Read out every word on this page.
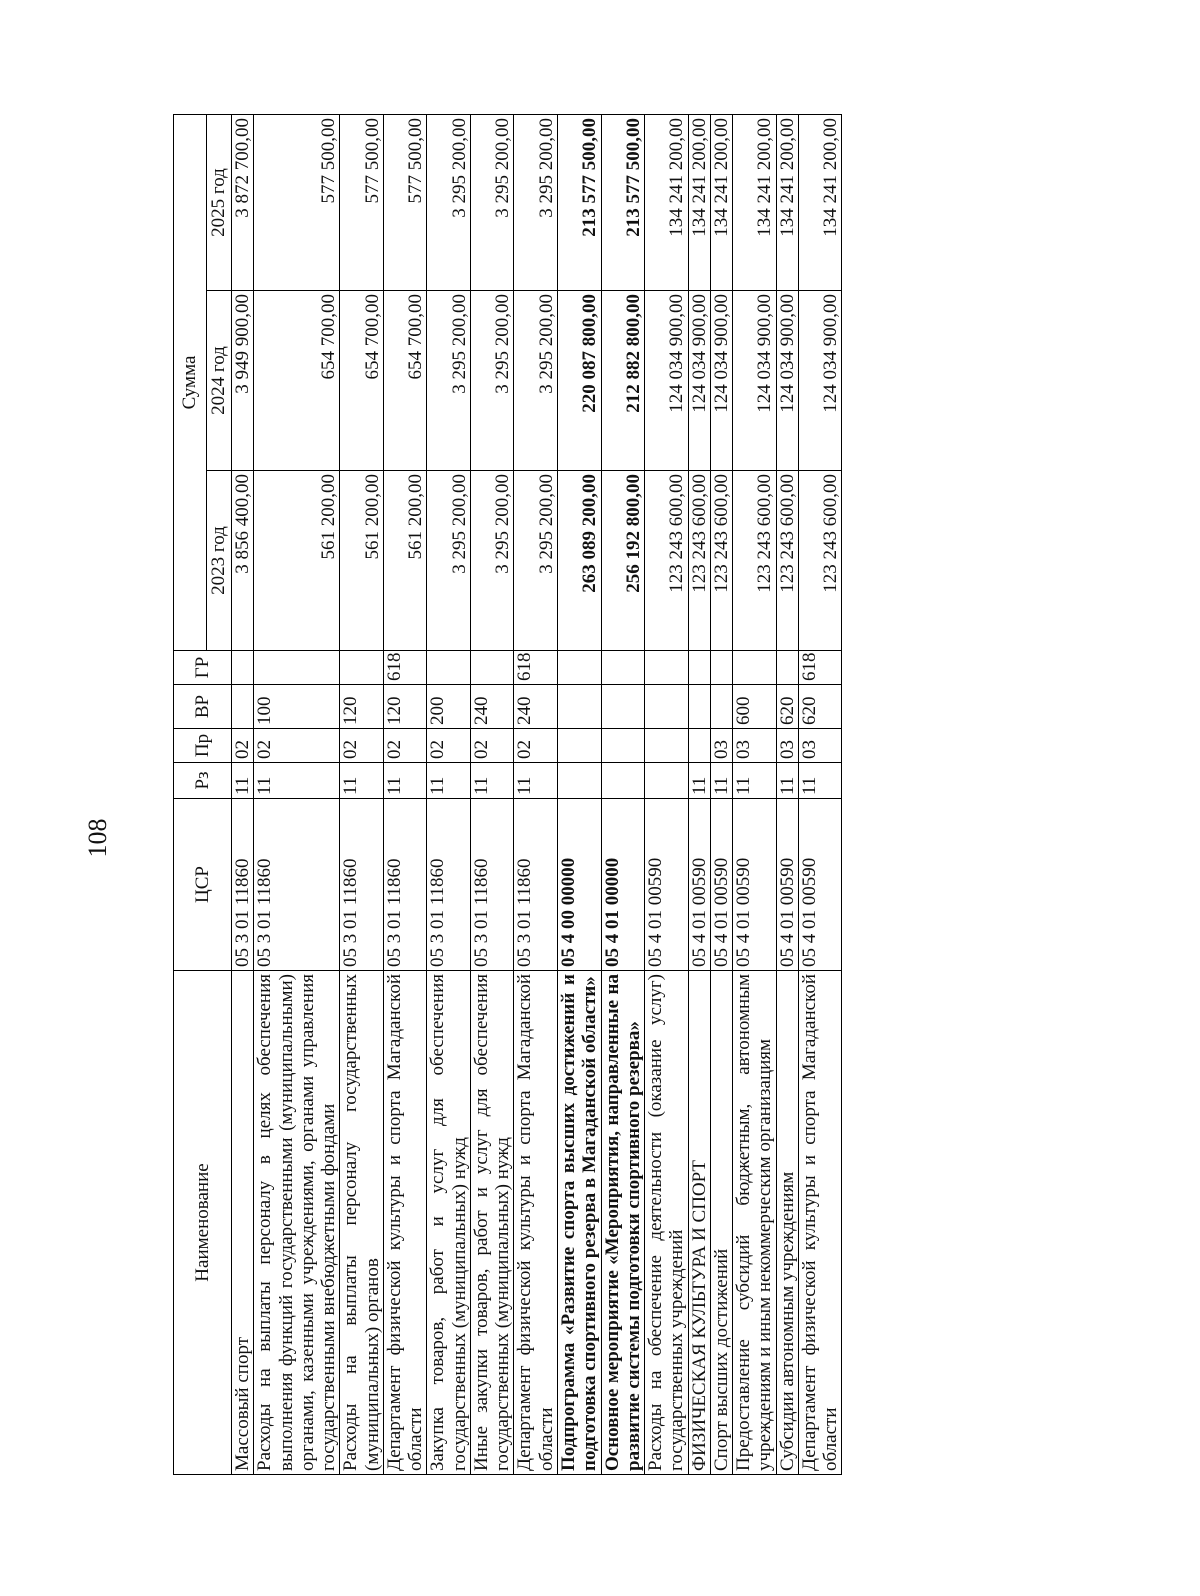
108
Наименование	ЦСР	Рз	Пр	ВР	ГР	Сумма		
						2023 год	2024 год	2025 год
Массовый спорт	05 3 01 11860	11	02			3 856 400,00	3 949 900,00	3 872 700,00
Расходы на выплаты персоналу в целях обеспечения выполнения функций государственными (муниципальными) органами, казенными учреждениями, органами управления государственными внебюджетными фондами	05 3 01 11860	11	02	100		561 200,00	654 700,00	577 500,00
Расходы на выплаты персоналу государственных (муниципальных) органов	05 3 01 11860	11	02	120		561 200,00	654 700,00	577 500,00
Департамент физической культуры и спорта Магаданской области	05 3 01 11860	11	02	120	618	561 200,00	654 700,00	577 500,00
Закупка товаров, работ и услуг для обеспечения государственных (муниципальных) нужд	05 3 01 11860	11	02	200		3 295 200,00	3 295 200,00	3 295 200,00
Иные закупки товаров, работ и услуг для обеспечения государственных (муниципальных) нужд	05 3 01 11860	11	02	240		3 295 200,00	3 295 200,00	3 295 200,00
Департамент физической культуры и спорта Магаданской области	05 3 01 11860	11	02	240	618	3 295 200,00	3 295 200,00	3 295 200,00
Подпрограмма «Развитие спорта высших достижений и подготовка спортивного резерва в Магаданской области»	05 4 00 00000					263 089 200,00	220 087 800,00	213 577 500,00
Основное мероприятие «Мероприятия, направленные на развитие системы подготовки спортивного резерва»	05 4 01 00000					256 192 800,00	212 882 800,00	213 577 500,00
Расходы на обеспечение деятельности (оказание услуг) государственных учреждений	05 4 01 00590					123 243 600,00	124 034 900,00	134 241 200,00
ФИЗИЧЕСКАЯ КУЛЬТУРА И СПОРТ	05 4 01 00590	11				123 243 600,00	124 034 900,00	134 241 200,00
Спорт высших достижений	05 4 01 00590	11	03			123 243 600,00	124 034 900,00	134 241 200,00
Предоставление субсидий бюджетным, автономным учреждениям и иным некоммерческим организациям	05 4 01 00590	11	03	600		123 243 600,00	124 034 900,00	134 241 200,00
Субсидии автономным учреждениям	05 4 01 00590	11	03	620		123 243 600,00	124 034 900,00	134 241 200,00
Департамент физической культуры и спорта Магаданской области	05 4 01 00590	11	03	620	618	123 243 600,00	124 034 900,00	134 241 200,00
